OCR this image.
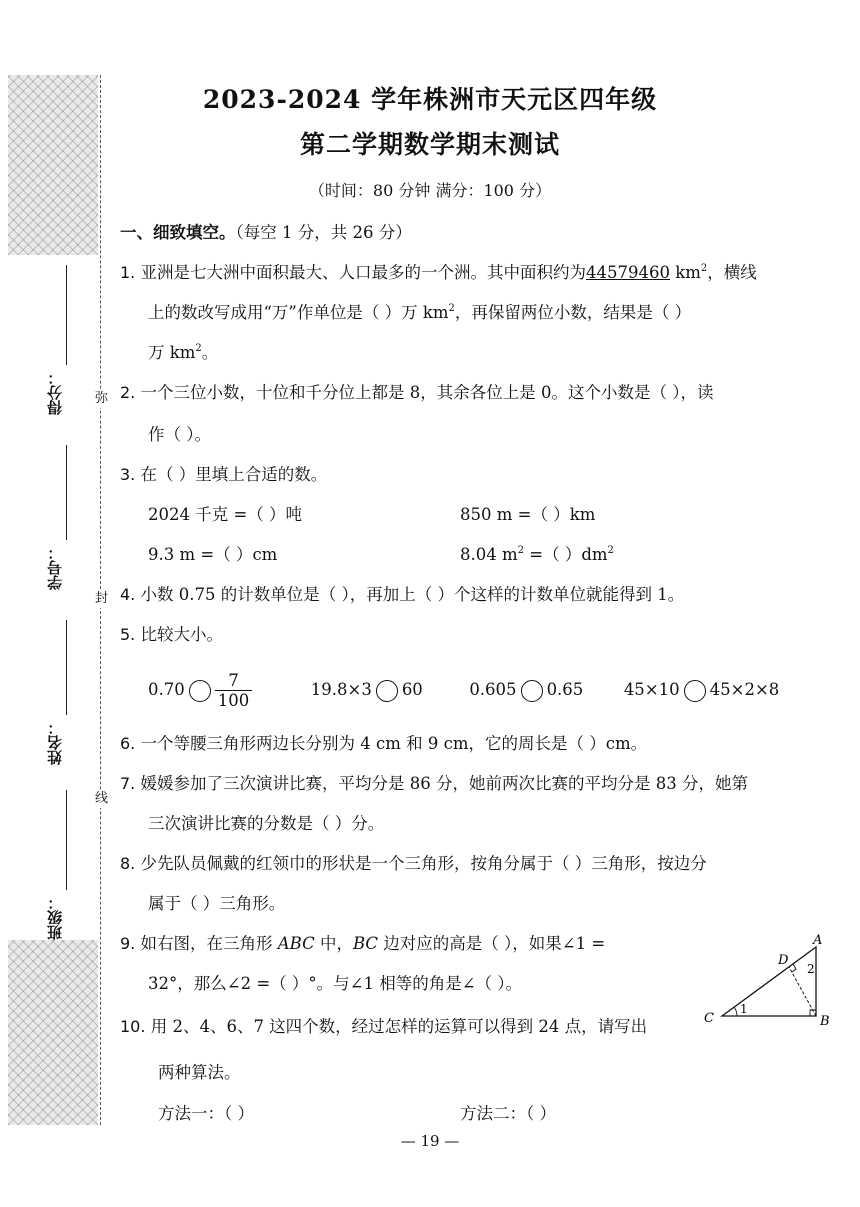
弥
封
线
得分：
学号：
姓名：
班级：
2023-2024 学年株洲市天元区四年级
第二学期数学期末测试
（时间：80 分钟 满分：100 分）
一、细致填空。（每空 1 分，共 26 分）
1. 亚洲是七大洲中面积最大、人口最多的一个洲。其中面积约为44579460 $km^2$，横线
上的数改写成用“万”作单位是（ ）万 $km^2$，再保留两位小数，结果是（ ）
万 $km^2$。
2. 一个三位小数，十位和千分位上都是 8，其余各位上是 0。这个小数是（ ），读
作（ ）。
3. 在（ ）里填上合适的数。
2024 千克 =（ ）吨	850 m =（ ）km
9.3 m =（ ）cm	8.04 $m^2$ =（ ）$dm^2$
4. 小数 0.75 的计数单位是（ ），再加上（ ）个这样的计数单位就能得到 1。
5. 比较大小。
$0.70 \frac{7}{100}$	19.8×3 60	0.605 0.65 45×10 45×2×8
6. 一个等腰三角形两边长分别为 4 cm 和 9 cm，它的周长是（ ）cm。
7. 媛媛参加了三次演讲比赛，平均分是 86 分，她前两次比赛的平均分是 83 分，她第
三次演讲比赛的分数是（ ）分。
8. 少先队员佩戴的红领巾的形状是一个三角形，按角分属于（ ）三角形，按边分
属于（ ）三角形。
9. 如右图，在三角形 ABC 中，BC 边对应的高是（ ），如果∠1 =
32°，那么∠2 =（ ）°。与∠1 相等的角是∠（ ）。
A
B
C
D
1
2
10. 用 2、4、6、7 这四个数，经过怎样的运算可以得到 24 点，请写出
两种算法。
方法一：（ ）	方法二：（ ）
— 19 —
